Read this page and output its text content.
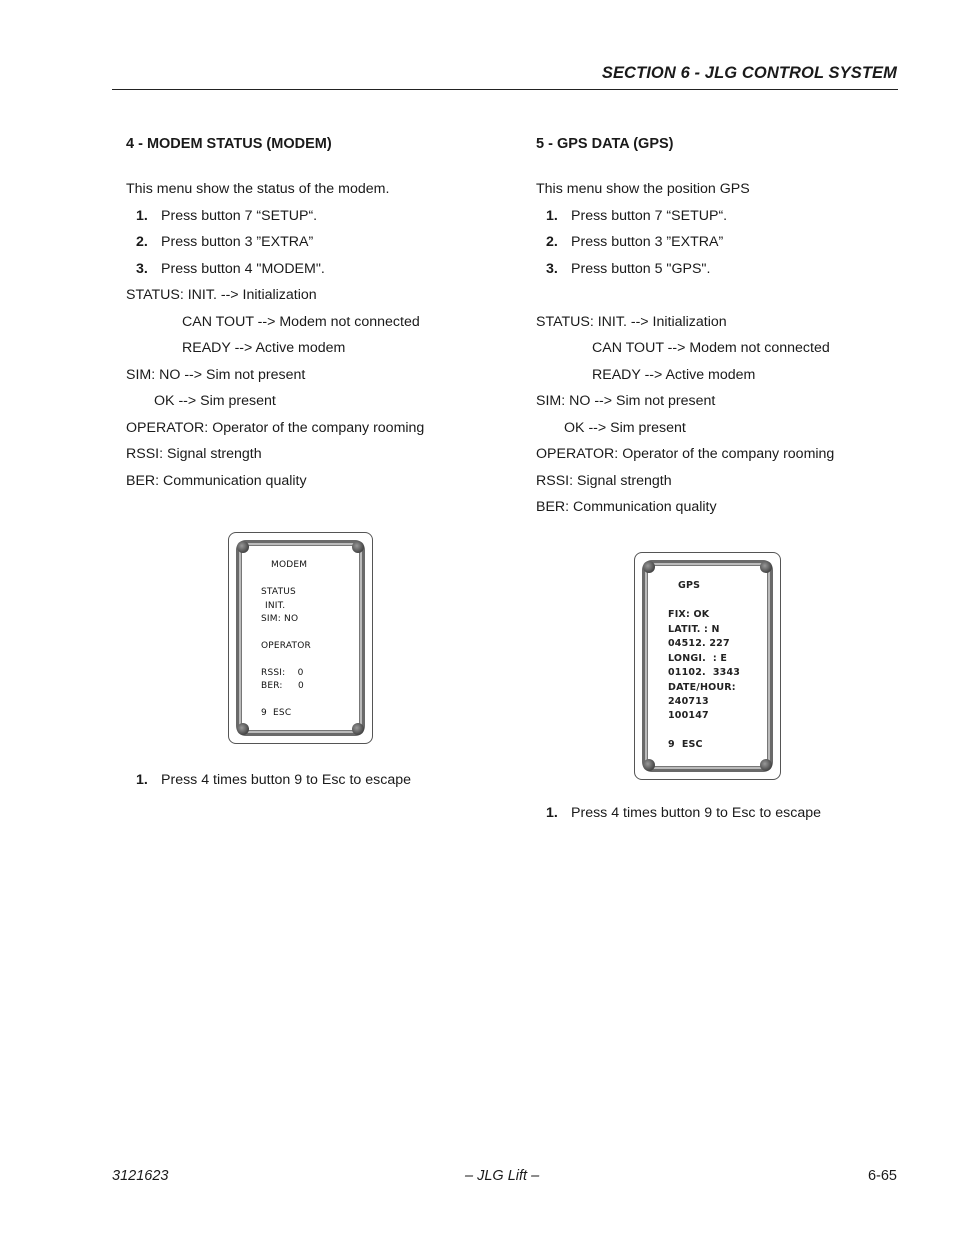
SECTION 6 - JLG CONTROL SYSTEM
4 - MODEM STATUS (MODEM)
This menu show the status of the modem.
1. Press button 7 “SETUP“.
2. Press button 3 ”EXTRA”
3. Press button 4 "MODEM".
STATUS: INIT. --> Initialization
CAN TOUT --> Modem not connected
READY --> Active modem
SIM: NO --> Sim not present
OK --> Sim present
OPERATOR: Operator of the company rooming
RSSI: Signal strength
BER: Communication quality
MODEM
STATUS
INIT.
SIM: NO
OPERATOR
RSSI:    0
BER:     0
9  ESC
1. Press 4 times button 9 to Esc to escape
5 - GPS DATA (GPS)
This menu show the position GPS
1. Press button 7 “SETUP“.
2. Press button 3 ”EXTRA”
3. Press button 5 "GPS".
STATUS: INIT. --> Initialization
CAN TOUT --> Modem not connected
READY --> Active modem
SIM: NO --> Sim not present
OK --> Sim present
OPERATOR: Operator of the company rooming
RSSI: Signal strength
BER: Communication quality
GPS
FIX: OK
LATIT. : N
04512. 227
LONGI.  : E
01102.  3343
DATE/HOUR:
240713
100147
9  ESC
1. Press 4 times button 9 to Esc to escape
3121623	– JLG Lift –	6-65
